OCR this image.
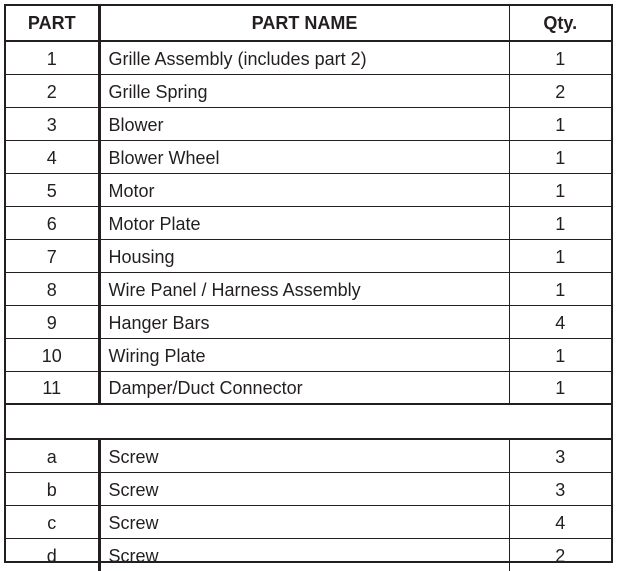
PART	PART NAME	Qty.

1	Grille Assembly (includes part 2)	1
2	Grille Spring	2
3	Blower	1
4	Blower Wheel	1
5	Motor	1
6	Motor Plate	1
7	Housing	1
8	Wire Panel / Harness Assembly	1
9	Hanger Bars	4
10	Wiring Plate	1
11	Damper/Duct Connector	1

a	Screw	3
b	Screw	3
c	Screw	4
d	Screw	2
